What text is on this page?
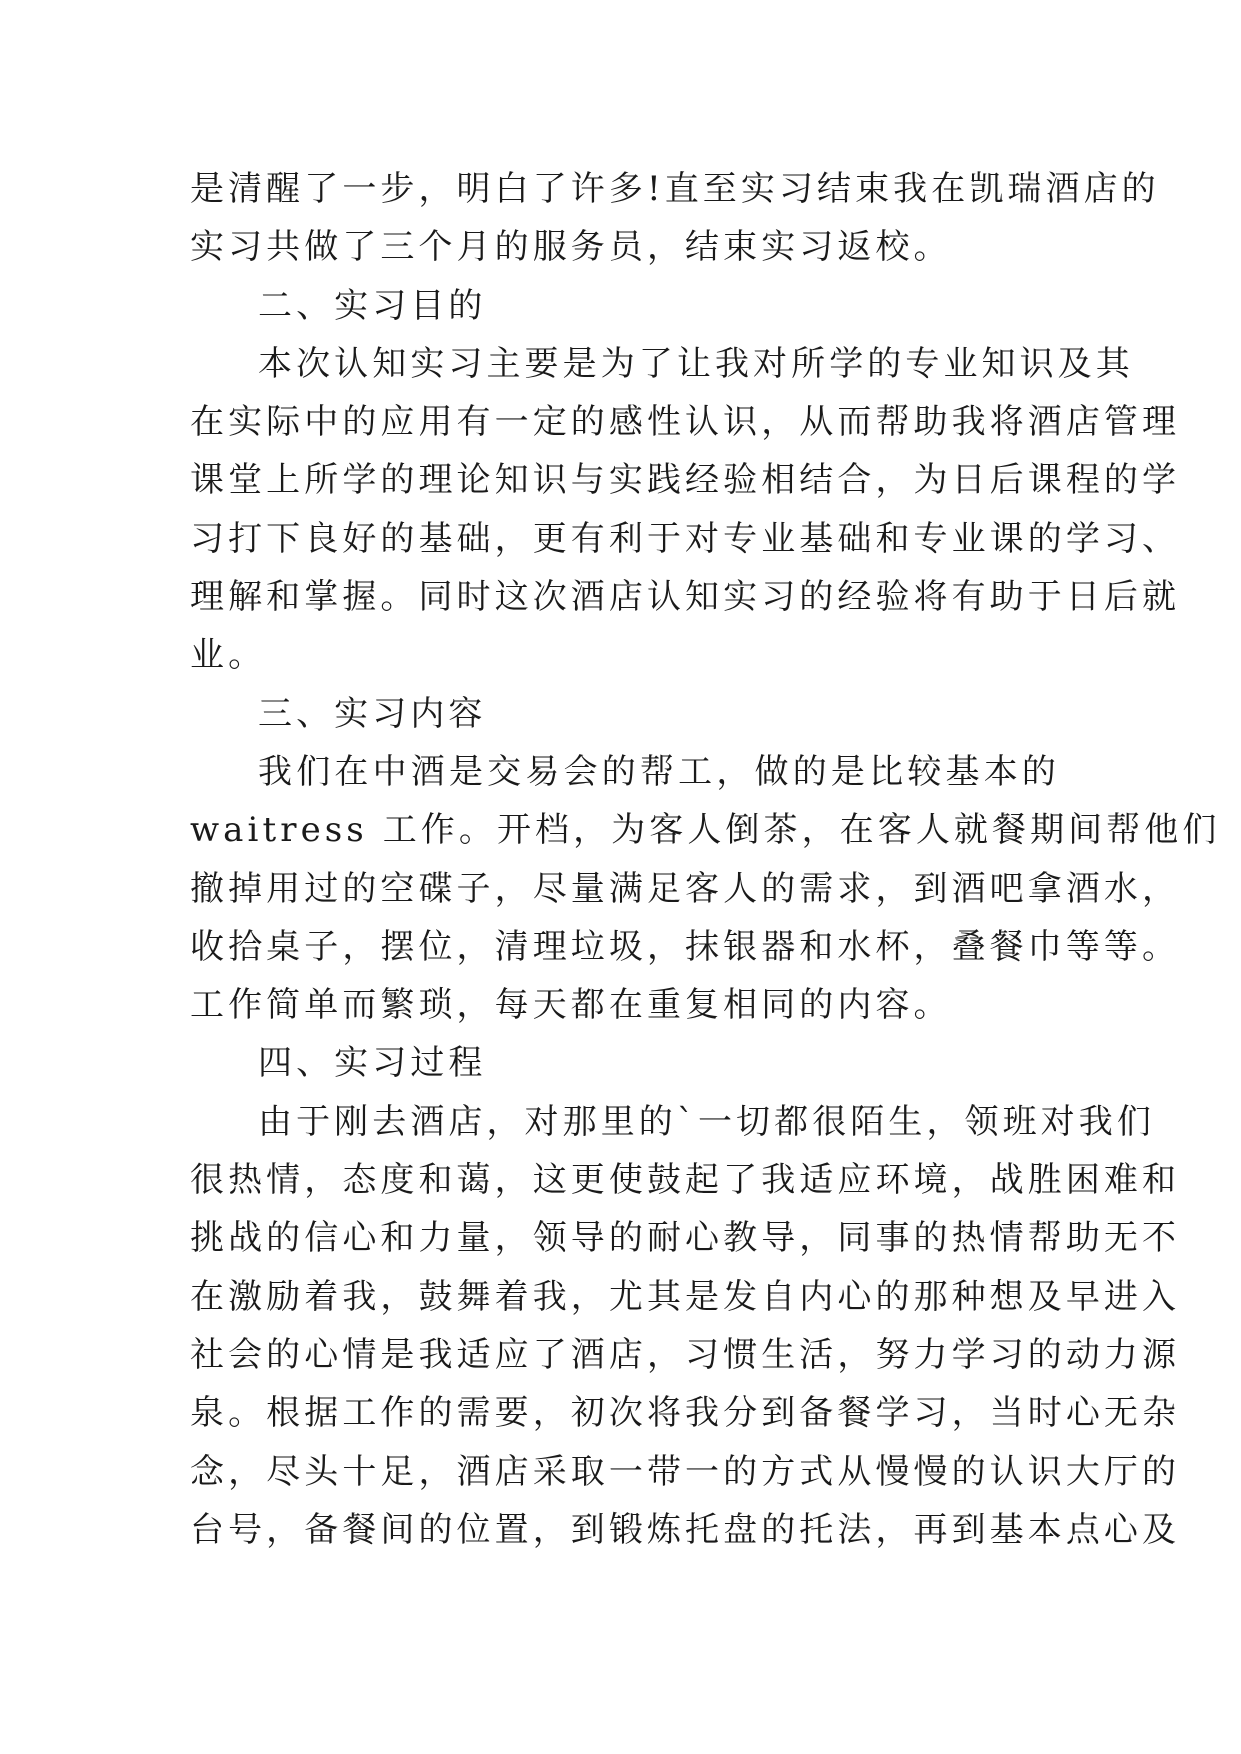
是清醒了一步，明白了许多!直至实习结束我在凯瑞酒店的
实习共做了三个月的服务员，结束实习返校。
二、实习目的
本次认知实习主要是为了让我对所学的专业知识及其
在实际中的应用有一定的感性认识，从而帮助我将酒店管理
课堂上所学的理论知识与实践经验相结合，为日后课程的学
习打下良好的基础，更有利于对专业基础和专业课的学习、
理解和掌握。同时这次酒店认知实习的经验将有助于日后就
业。
三、实习内容
我们在中酒是交易会的帮工，做的是比较基本的
waitress 工作。开档，为客人倒茶，在客人就餐期间帮他们
撤掉用过的空碟子，尽量满足客人的需求，到酒吧拿酒水，
收拾桌子，摆位，清理垃圾，抹银器和水杯，叠餐巾等等。
工作简单而繁琐，每天都在重复相同的内容。
四、实习过程
由于刚去酒店，对那里的`一切都很陌生，领班对我们
很热情，态度和蔼，这更使鼓起了我适应环境，战胜困难和
挑战的信心和力量，领导的耐心教导，同事的热情帮助无不
在激励着我，鼓舞着我，尤其是发自内心的那种想及早进入
社会的心情是我适应了酒店，习惯生活，努力学习的动力源
泉。根据工作的需要，初次将我分到备餐学习，当时心无杂
念，尽头十足，酒店采取一带一的方式从慢慢的认识大厅的
台号，备餐间的位置，到锻炼托盘的托法，再到基本点心及
